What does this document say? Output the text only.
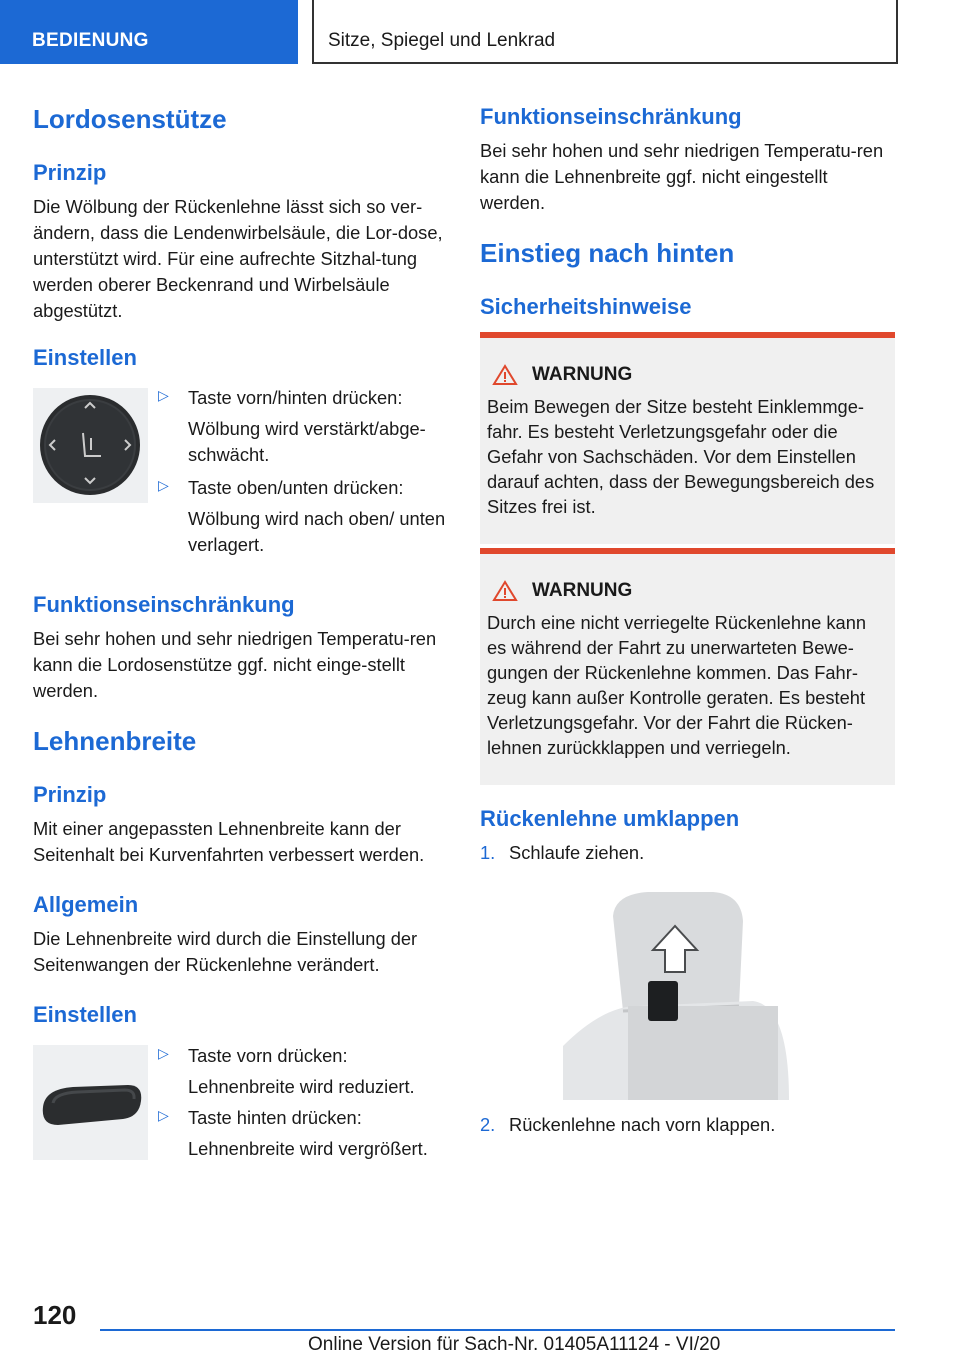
BEDIENUNG	Sitze, Spiegel und Lenkrad
Lordosenstütze
Prinzip
Die Wölbung der Rückenlehne lässt sich so ver-ändern, dass die Lendenwirbelsäule, die Lor-dose, unterstützt wird. Für eine aufrechte Sitzhal-tung werden oberer Beckenrand und Wirbelsäule abgestützt.
Einstellen
▷	Taste vorn/hinten drücken:
Wölbung wird verstärkt/abge-schwächt.
▷	Taste oben/unten drücken:
Wölbung wird nach oben/ unten verlagert.
Funktionseinschränkung
Bei sehr hohen und sehr niedrigen Temperatu-ren kann die Lordosenstütze ggf. nicht einge-stellt werden.
Lehnenbreite
Prinzip
Mit einer angepassten Lehnenbreite kann der Seitenhalt bei Kurvenfahrten verbessert werden.
Allgemein
Die Lehnenbreite wird durch die Einstellung der Seitenwangen der Rückenlehne verändert.
Einstellen
▷	Taste vorn drücken:
Lehnenbreite wird reduziert.
▷	Taste hinten drücken:
Lehnenbreite wird vergrößert.
Funktionseinschränkung
Bei sehr hohen und sehr niedrigen Temperatu-ren kann die Lehnenbreite ggf. nicht eingestellt werden.
Einstieg nach hinten
Sicherheitshinweise
WARNUNG
Beim Bewegen der Sitze besteht Einklemmge-fahr. Es besteht Verletzungsgefahr oder die Gefahr von Sachschäden. Vor dem Einstellen darauf achten, dass der Bewegungsbereich des Sitzes frei ist.
WARNUNG
Durch eine nicht verriegelte Rückenlehne kann es während der Fahrt zu unerwarteten Bewe-gungen der Rückenlehne kommen. Das Fahr-zeug kann außer Kontrolle geraten. Es besteht Verletzungsgefahr. Vor der Fahrt die Rücken-lehnen zurückklappen und verriegeln.
Rückenlehne umklappen
1. Schlaufe ziehen.
2. Rückenlehne nach vorn klappen.
120
Online Version für Sach-Nr. 01405A11124 - VI/20
